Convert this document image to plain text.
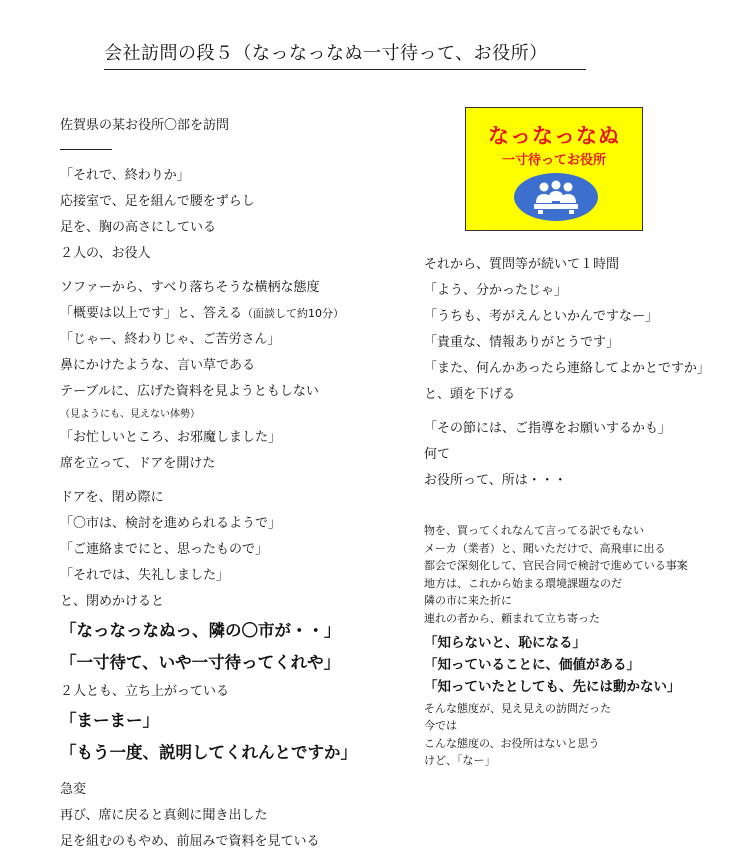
会社訪問の段５（なっなっなぬ一寸待って、お役所）
佐賀県の某お役所〇部を訪問
――――
「それで、終わりか」
応接室で、足を組んで腰をずらし
足を、胸の高さにしている
２人の、お役人
ソファーから、すべり落ちそうな横柄な態度
「概要は以上です」と、答える（面談して約10分）
「じゃー、終わりじゃ、ご苦労さん」
鼻にかけたような、言い草である
テーブルに、広げた資料を見ようともしない
（見ようにも、見えない体勢）
「お忙しいところ、お邪魔しました」
席を立って、ドアを開けた
ドアを、閉め際に
「〇市は、検討を進められるようで」
「ご連絡までにと、思ったもので」
「それでは、失礼しました」
と、閉めかけると
「なっなっなぬっ、隣の〇市が・・」
「一寸待て、いや一寸待ってくれや」
２人とも、立ち上がっている
「まーまー」
「もう一度、説明してくれんとですか」
急変
再び、席に戻ると真剣に聞き出した
足を組むのもやめ、前屈みで資料を見ている
なっなっなぬ
一寸待ってお役所
それから、質問等が続いて１時間
「よう、分かったじゃ」
「うちも、考がえんといかんですなー」
「貴重な、情報ありがとうです」
「また、何んかあったら連絡してよかとですか」
と、頭を下げる
「その節には、ご指導をお願いするかも」
何て
お役所って、所は・・・
物を、買ってくれなんて言ってる訳でもない
メーカ（業者）と、聞いただけで、高飛車に出る
都会で深刻化して、官民合同で検討で進めている事案
地方は、これから始まる環境課題なのだ
隣の市に来た折に
連れの者から、頼まれて立ち寄った
「知らないと、恥になる」
「知っていることに、価値がある」
「知っていたとしても、先には動かない」
そんな態度が、見え見えの訪問だった
今では
こんな態度の、お役所はないと思う
けど、「なー」
